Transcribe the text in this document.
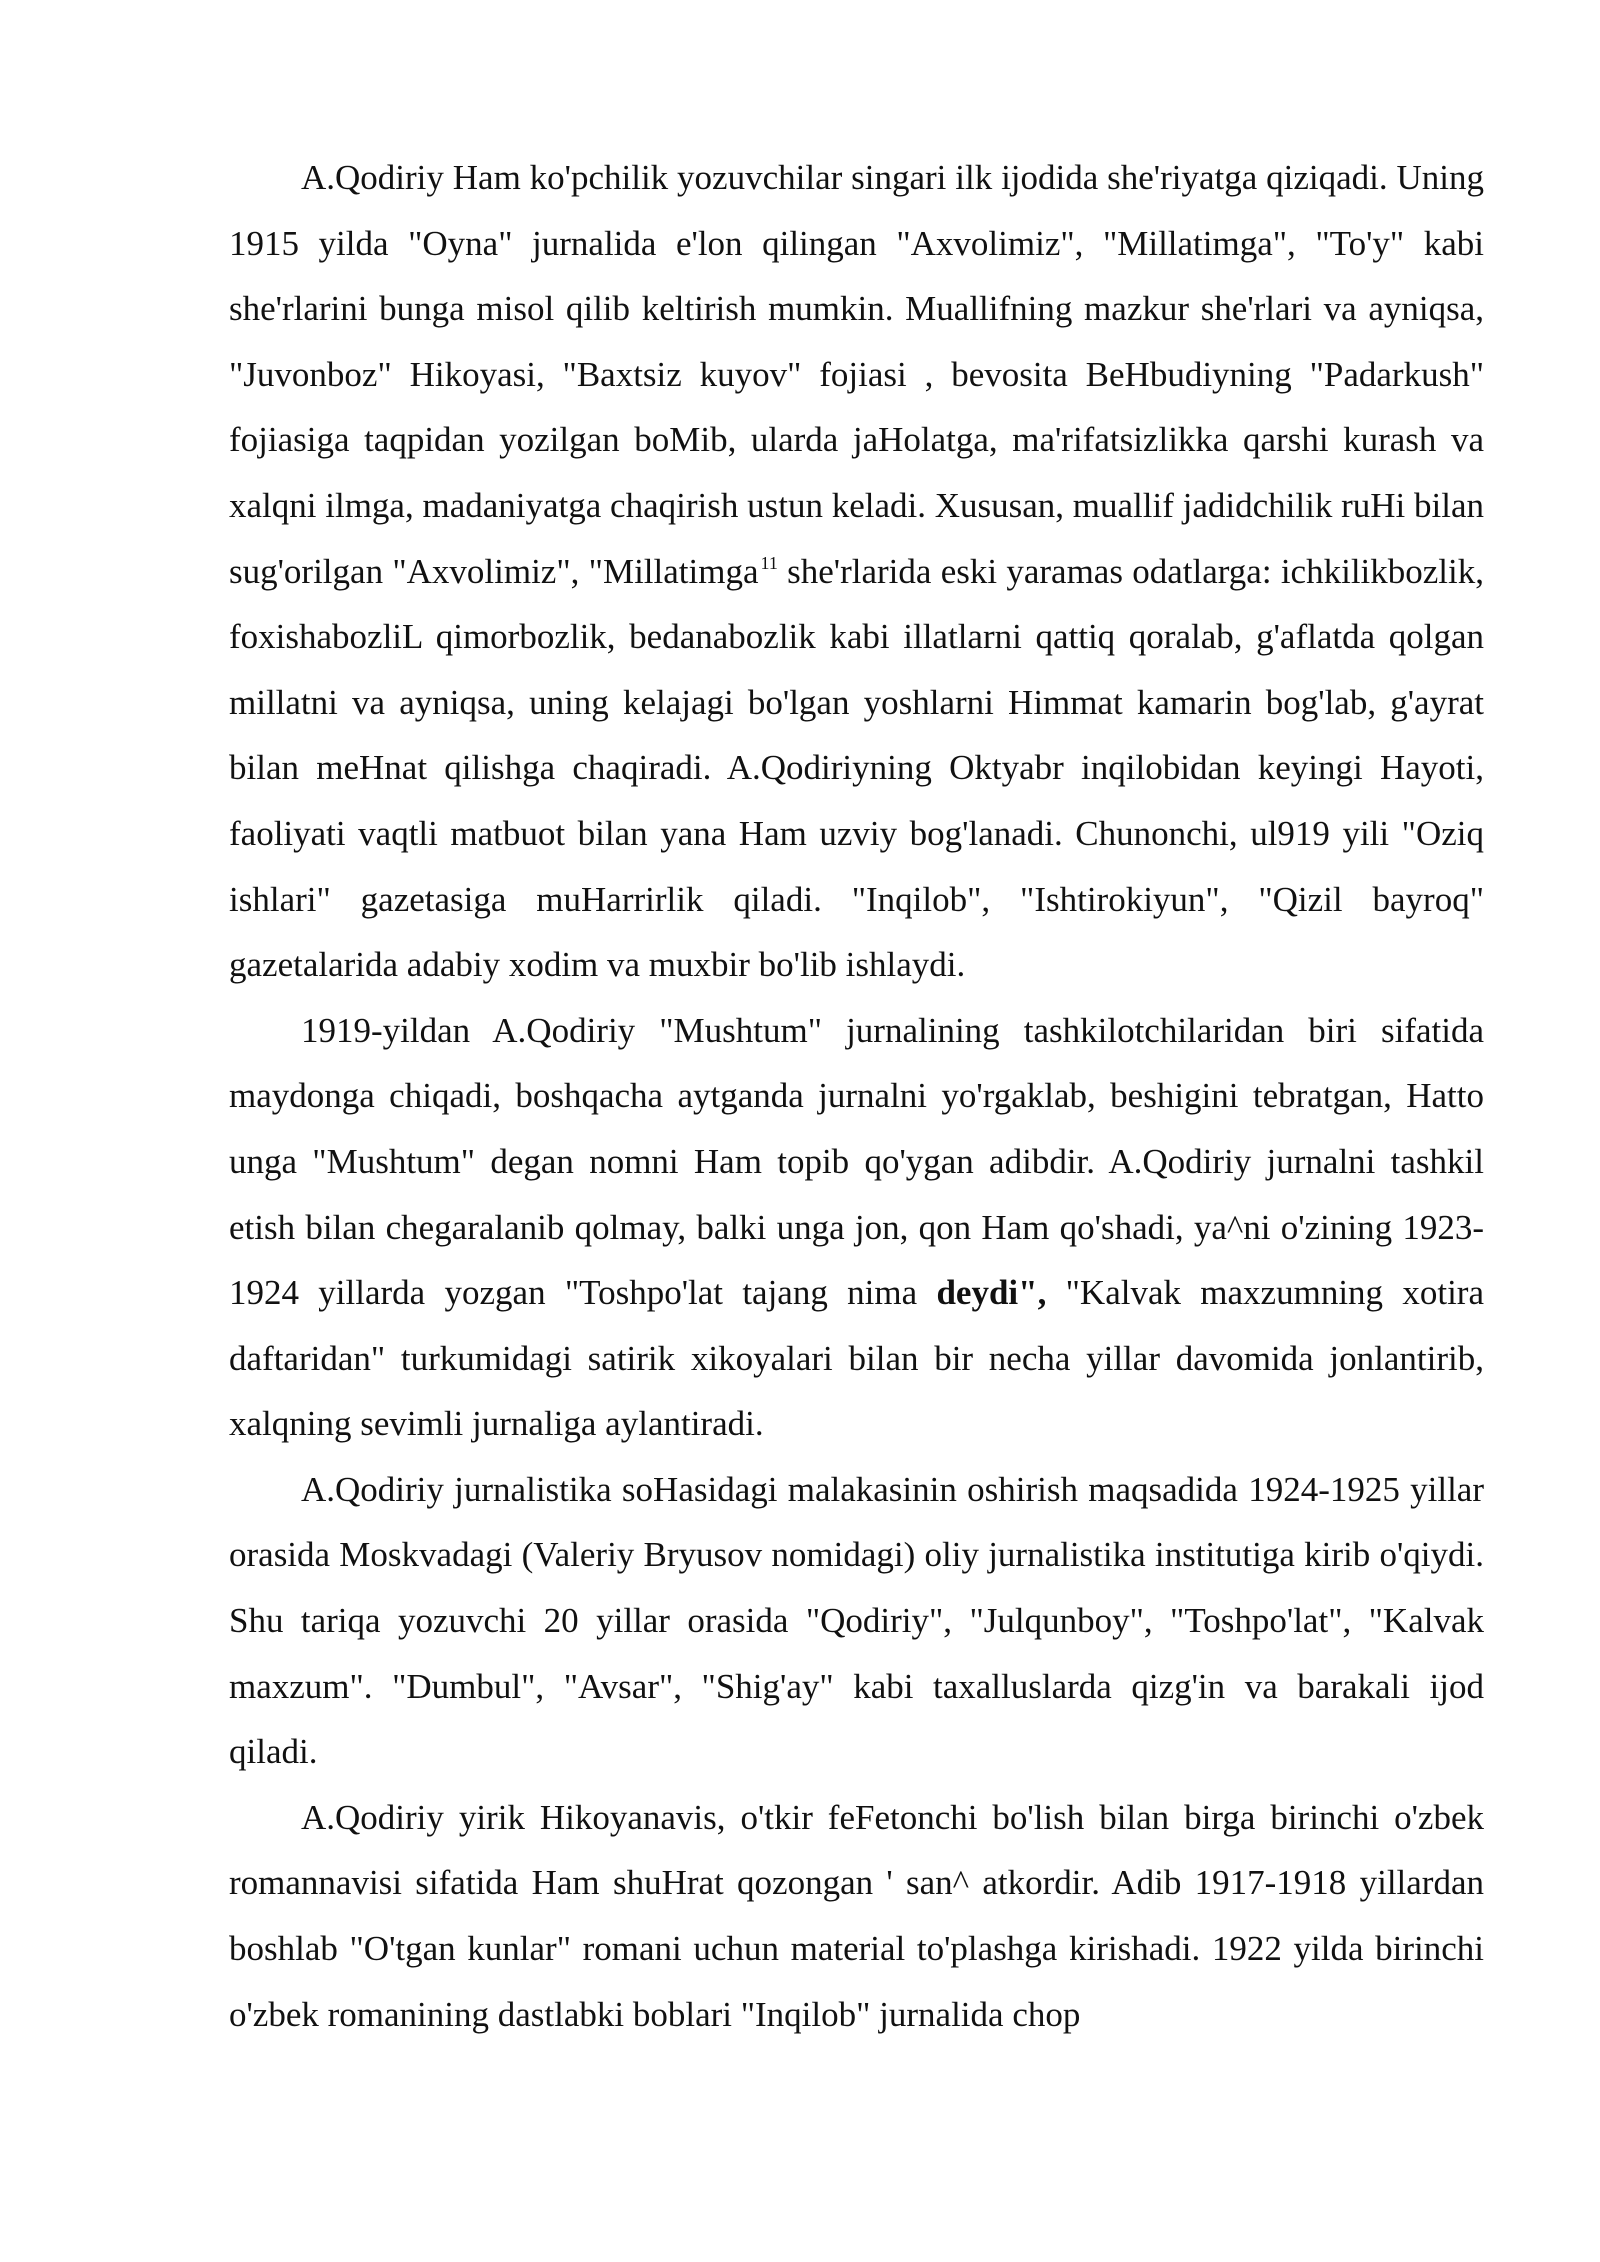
A.Qodiriy Ham ko'pchilik yozuvchilar singari ilk ijodida she'riyatga qiziqadi. Uning 1915 yilda "Oyna" jurnalida e'lon qilingan "Axvolimiz", "Millatimga", "To'y" kabi she'rlarini bunga misol qilib keltirish mumkin. Muallifning mazkur she'rlari va ayniqsa, "Juvonboz" Hikoyasi, "Baxtsiz kuyov" fojiasi , bevosita BeHbudiyning "Padarkush" fojiasiga taqpidan yozilgan boMib, ularda jaHolatga, ma'rifatsizlikka qarshi kurash va xalqni ilmga, madaniyatga chaqirish ustun keladi. Xususan, muallif jadidchilik ruHi bilan sug'orilgan "Axvolimiz", "Millatimga $^{11}$ she'rlarida eski yaramas odatlarga: ichkilikbozlik, foxishabozliL qimorbozlik, bedanabozlik kabi illatlarni qattiq qoralab, g'aflatda qolgan millatni va ayniqsa, uning kelajagi bo'lgan yoshlarni Himmat kamarin bog'lab, g'ayrat bilan meHnat qilishga chaqiradi. A.Qodiriyning Oktyabr inqilobidan keyingi Hayoti, faoliyati vaqtli matbuot bilan yana Ham uzviy bog'lanadi. Chunonchi, ul919 yili "Oziq ishlari" gazetasiga muHarrirlik qiladi. "Inqilob", "Ishtirokiyun", "Qizil bayroq" gazetalarida adabiy xodim va muxbir bo'lib ishlaydi.

1919-yildan A.Qodiriy "Mushtum" jurnalining tashkilotchilaridan biri sifatida maydonga chiqadi, boshqacha aytganda jurnalni yo'rgaklab, beshigini tebratgan, Hatto unga "Mushtum" degan nomni Ham topib qo'ygan adibdir. A.Qodiriy jurnalni tashkil etish bilan chegaralanib qolmay, balki unga jon, qon Ham qo'shadi, ya^ni o'zining 1923-1924 yillarda yozgan "Toshpo'lat tajang nima deydi", "Kalvak maxzumning xotira daftaridan" turkumidagi satirik xikoyalari bilan bir necha yillar davomida jonlantirib, xalqning sevimli jurnaliga aylantiradi.

A.Qodiriy jurnalistika soHasidagi malakasinin oshirish maqsadida 1924-1925 yillar orasida Moskvadagi (Valeriy Bryusov nomidagi) oliy jurnalistika institutiga kirib o'qiydi. Shu tariqa yozuvchi 20 yillar orasida "Qodiriy", "Julqunboy", "Toshpo'lat", "Kalvak maxzum". "Dumbul", "Avsar", "Shig'ay" kabi taxalluslarda qizg'in va barakali ijod qiladi.

A.Qodiriy yirik Hikoyanavis, o'tkir feFetonchi bo'lish bilan birga birinchi o'zbek romannavisi sifatida Ham shuHrat qozongan ' san^ atkordir. Adib 1917-1918 yillardan boshlab "O'tgan kunlar" romani uchun material to'plashga kirishadi. 1922 yilda birinchi o'zbek romanining dastlabki boblari "Inqilob" jurnalida chop
